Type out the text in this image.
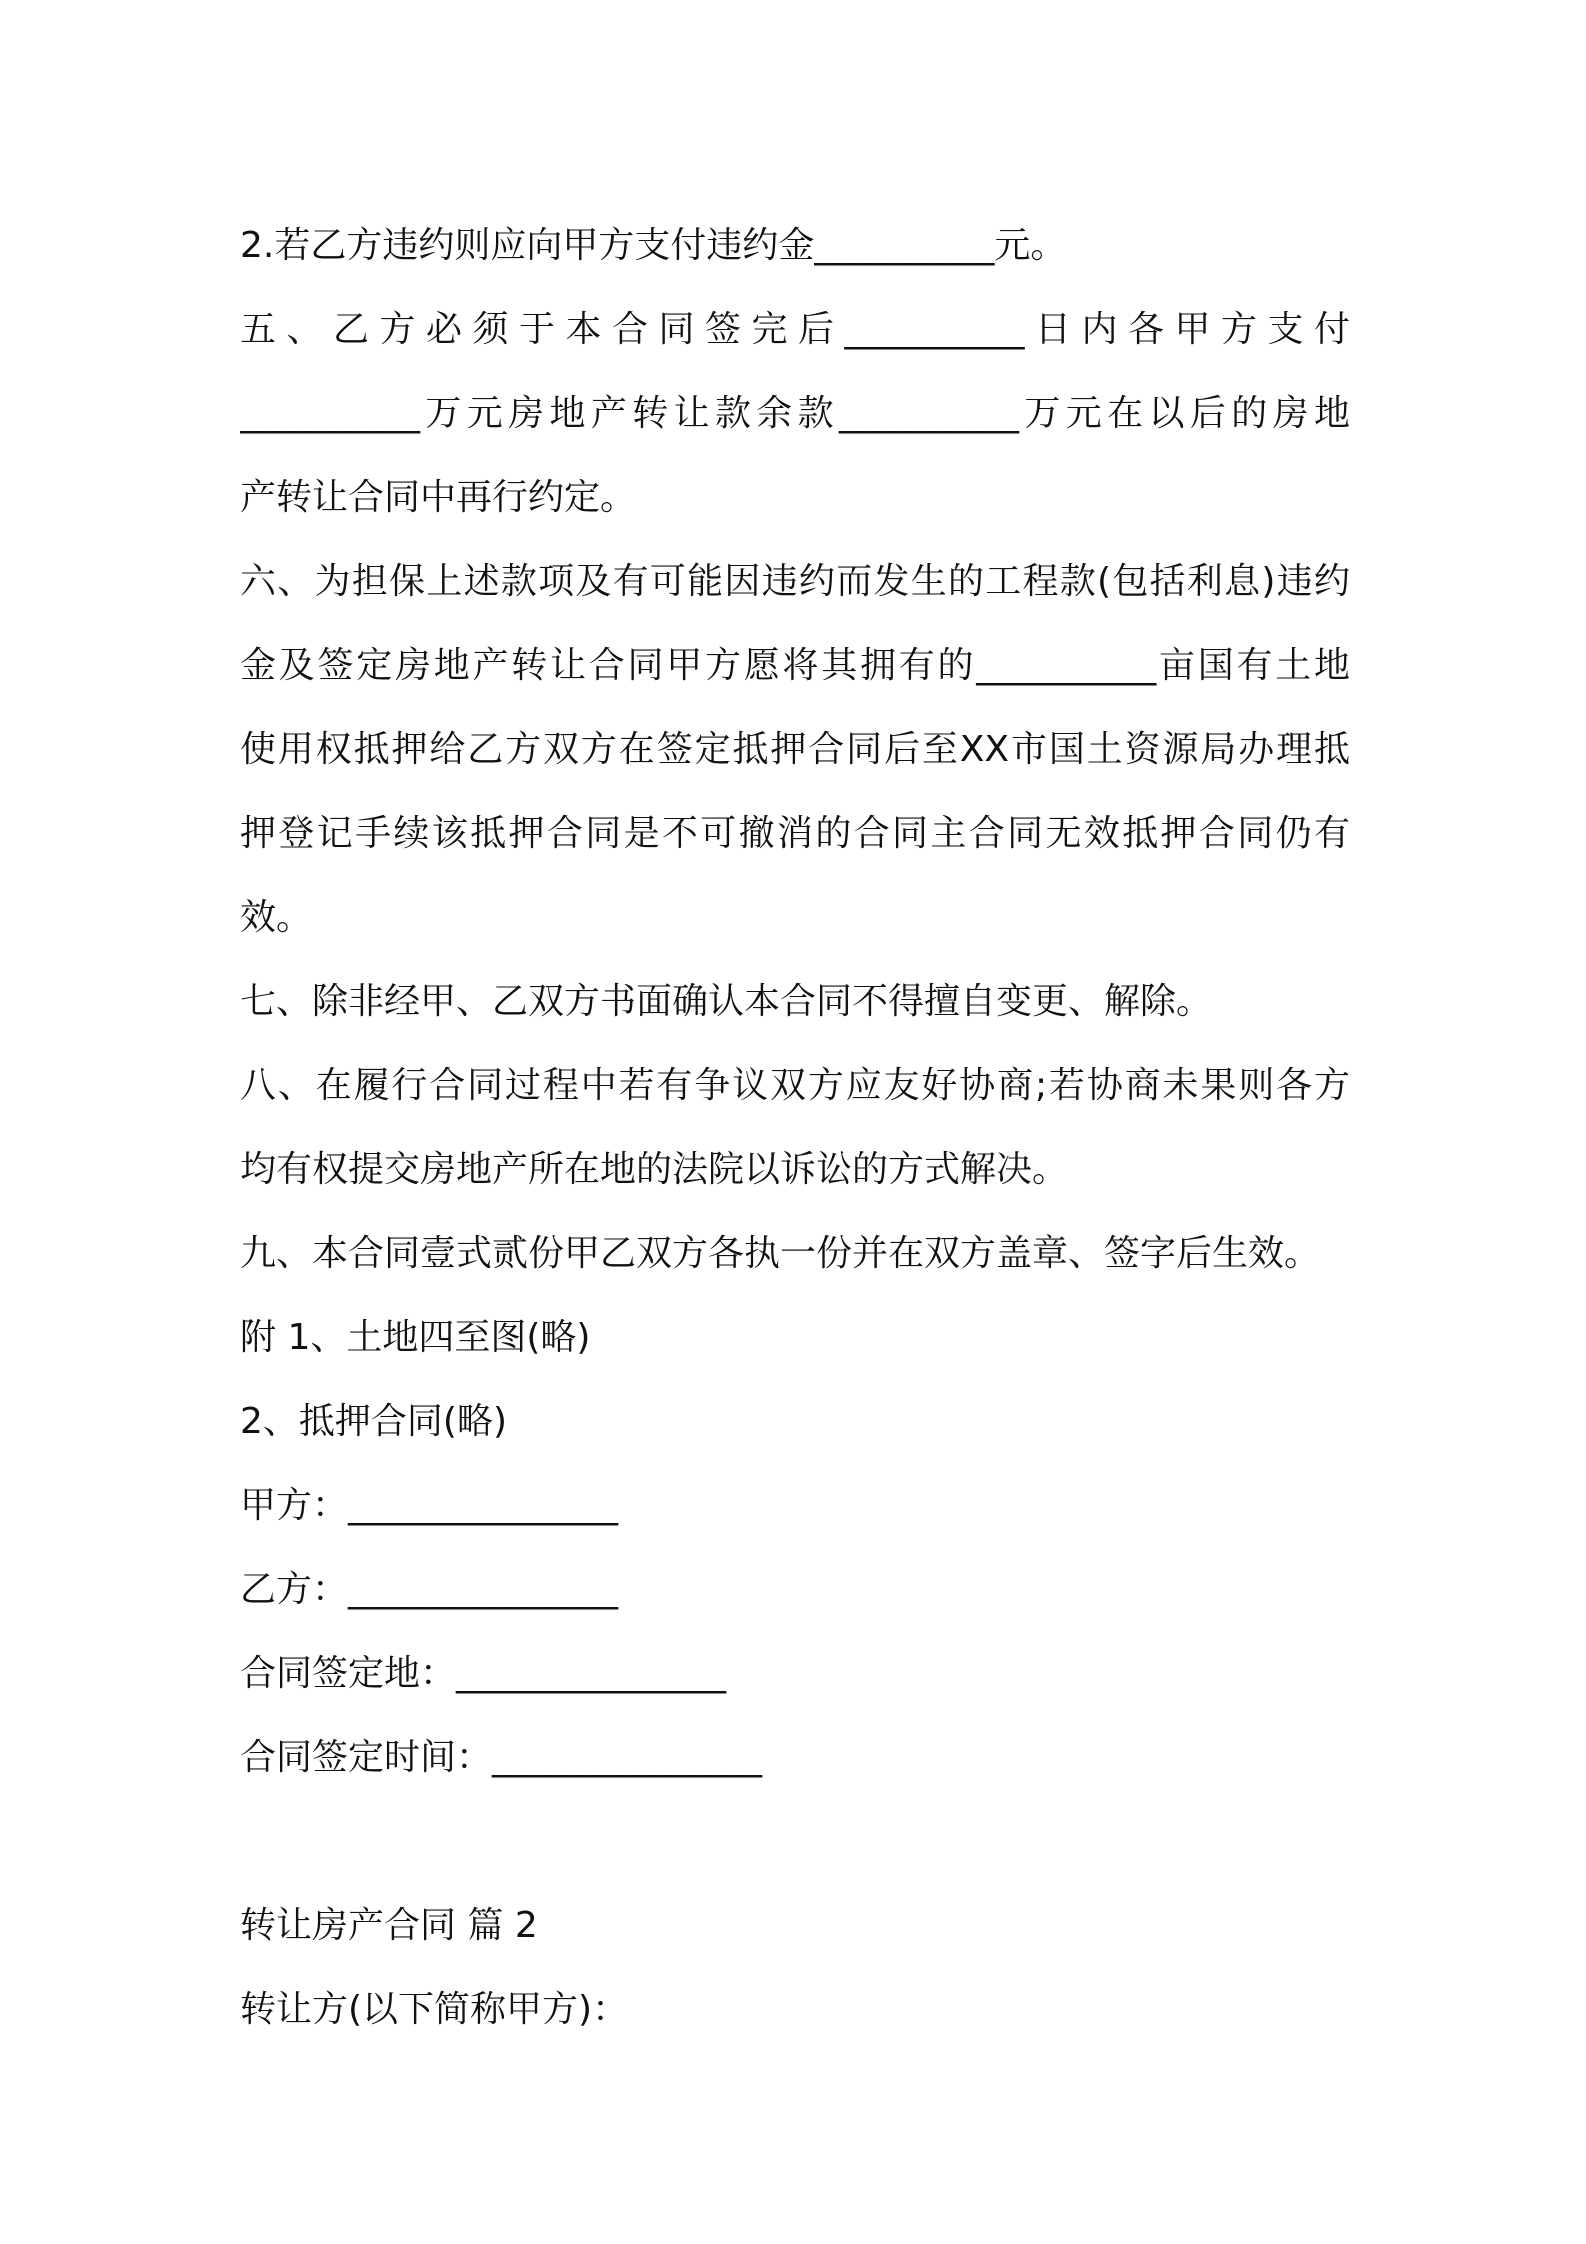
2.若乙方违约则应向甲方支付违约金__________元。
五、乙方必须于本合同签完后__________日内各甲方支付
__________万元房地产转让款余款__________万元在以后的房地
产转让合同中再行约定。
六、为担保上述款项及有可能因违约而发生的工程款(包括利息)违约
金及签定房地产转让合同甲方愿将其拥有的__________亩国有土地
使用权抵押给乙方双方在签定抵押合同后至XX市国土资源局办理抵
押登记手续该抵押合同是不可撤消的合同主合同无效抵押合同仍有
效。
七、除非经甲、乙双方书面确认本合同不得擅自变更、解除。
八、在履行合同过程中若有争议双方应友好协商;若协商未果则各方
均有权提交房地产所在地的法院以诉讼的方式解决。
九、本合同壹式贰份甲乙双方各执一份并在双方盖章、签字后生效。
附 1、土地四至图(略)
2、抵押合同(略)
甲方：_______________
乙方：_______________
合同签定地：_______________
合同签定时间：_______________
转让房产合同 篇 2
转让方(以下简称甲方)：
